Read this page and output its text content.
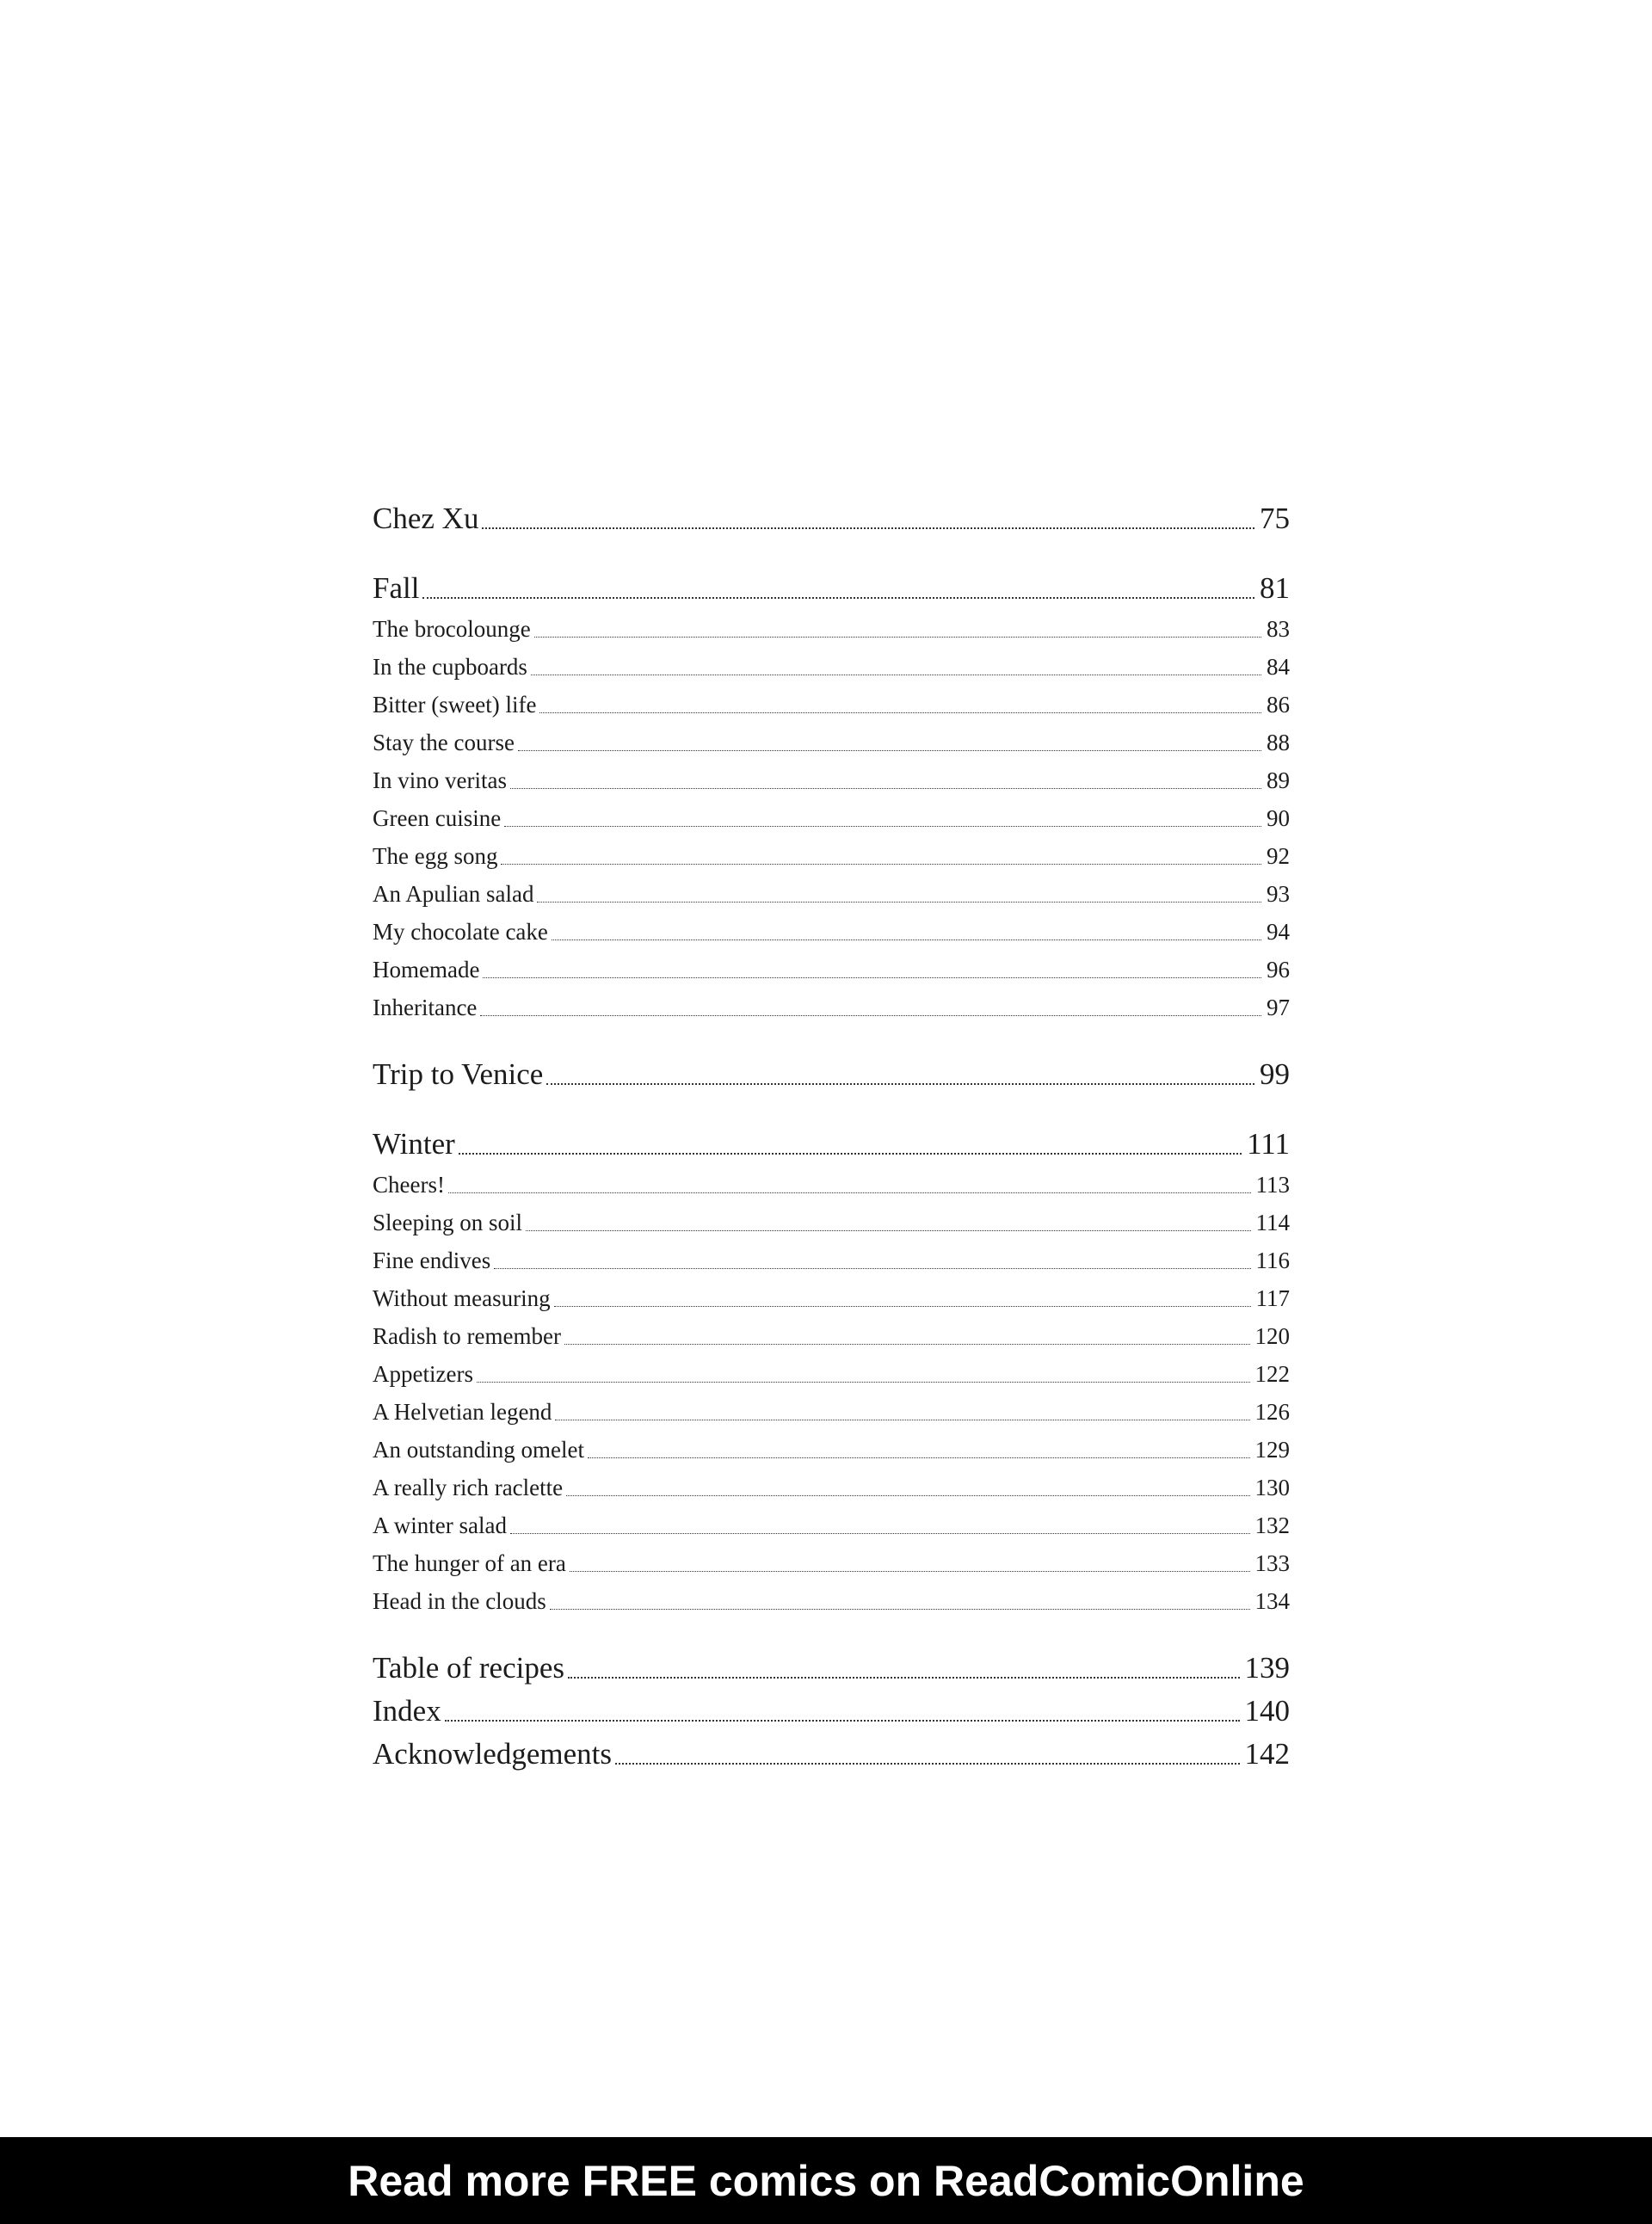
Chez Xu	75
Fall	81
The brocolounge	83
In the cupboards	84
Bitter (sweet) life	86
Stay the course	88
In vino veritas	89
Green cuisine	90
The egg song	92
An Apulian salad	93
My chocolate cake	94
Homemade	96
Inheritance	97
Trip to Venice	99
Winter	111
Cheers!	113
Sleeping on soil	114
Fine endives	116
Without measuring	117
Radish to remember	120
Appetizers	122
A Helvetian legend	126
An outstanding omelet	129
A really rich raclette	130
A winter salad	132
The hunger of an era	133
Head in the clouds	134
Table of recipes	139
Index	140
Acknowledgements	142
Read more FREE comics on ReadComicOnline
